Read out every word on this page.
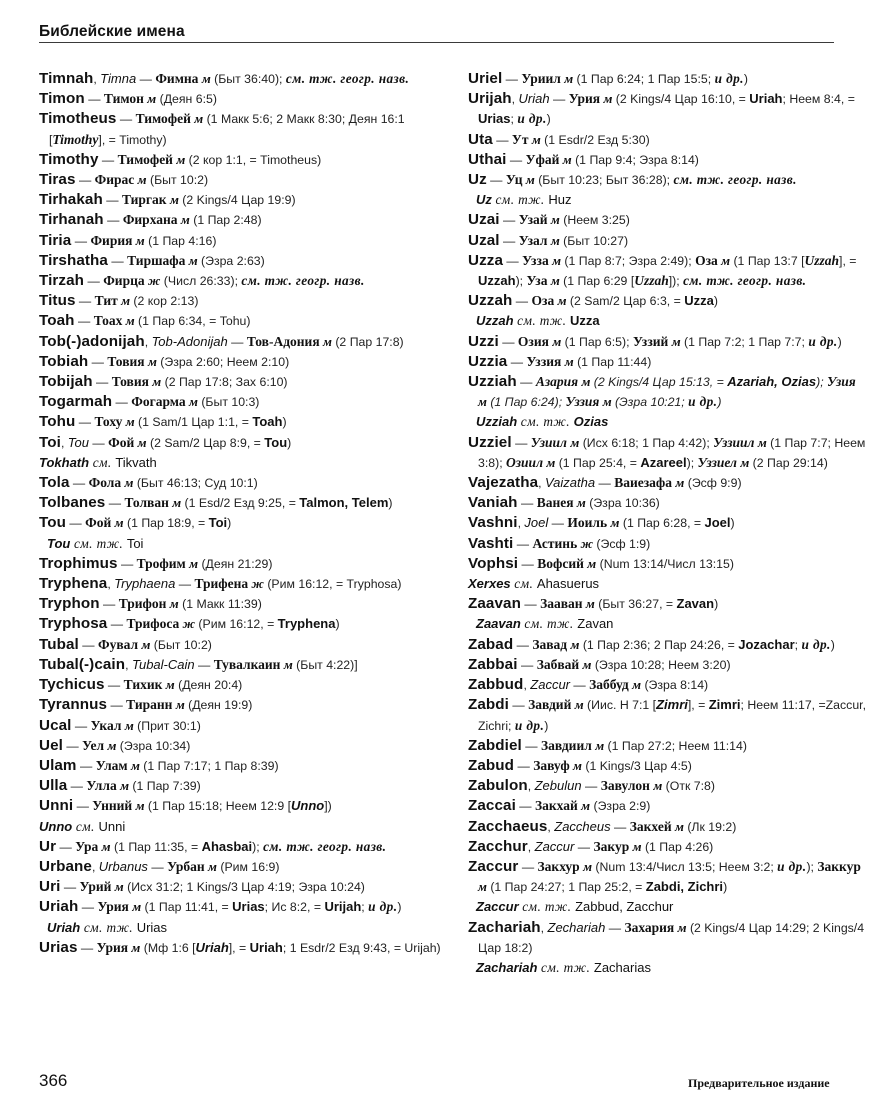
Библейские имена
Timnah, Timna — Фимна м (Быт 36:40); см. тж. геогр. назв.
Timon — Тимон м (Деян 6:5)
Timotheus — Тимофей м (1 Макк 5:6; 2 Макк 8:30; Деян 16:1 [Timothy], = Timothy)
Timothy — Тимофей м (2 кор 1:1, = Timotheus)
Tiras — Фирас м (Быт 10:2)
Tirhakah — Тиргак м (2 Kings/4 Цар 19:9)
Tirhanah — Фирхана м (1 Пар 2:48)
Tiria — Фирия м (1 Пар 4:16)
Tirshatha — Тиршафа м (Эзра 2:63)
Tirzah — Фирца ж (Числ 26:33); см. тж. геогр. назв.
Titus — Тит м (2 кор 2:13)
Toah — Тоах м (1 Пар 6:34, = Tohu)
Tob(-)adonijah, Tob-Adonijah — Тов-Адония м (2 Пар 17:8)
Tobiah — Товия м (Эзра 2:60; Неем 2:10)
Tobijah — Товия м (2 Пар 17:8; Зах 6:10)
Togarmah — Фогарма м (Быт 10:3)
Tohu — Тоху м (1 Sam/1 Цар 1:1, = Toah)
Toi, Tou — Фой м (2 Sam/2 Цар 8:9, = Tou)
Tokhath см. Tikvath
Tola — Фола м (Быт 46:13; Суд 10:1)
Tolbanes — Толван м (1 Esd/2 Езд 9:25, = Talmon, Telem)
Tou — Фой м (1 Пар 18:9, = Toi)
Tou см. тж. Toi
Trophimus — Трофим м (Деян 21:29)
Tryphena, Tryphaena — Трифена ж (Рим 16:12, = Tryphosa)
Tryphon — Трифон м (1 Макк 11:39)
Tryphosa — Трифоса ж (Рим 16:12, = Tryphena)
Tubal — Фувал м (Быт 10:2)
Tubal(-)cain, Tubal-Cain — Тувалкаин м (Быт 4:22)]
Tychicus — Тихик м (Деян 20:4)
Tyrannus — Тиранн м (Деян 19:9)
Ucal — Укал м (Прит 30:1)
Uel — Уел м (Эзра 10:34)
Ulam — Улам м (1 Пар 7:17; 1 Пар 8:39)
Ulla — Улла м (1 Пар 7:39)
Unni — Унний м (1 Пар 15:18; Неем 12:9 [Unno])
Unno см. Unni
Ur — Ура м (1 Пар 11:35, = Ahasbai); см. тж. геогр. назв.
Urbane, Urbanus — Урбан м (Рим 16:9)
Uri — Урий м (Исх 31:2; 1 Kings/3 Цар 4:19; Эзра 10:24)
Uriah — Урия м (1 Пар 11:41, = Urias; Ис 8:2, = Urijah; и др.)
Uriah см. тж. Urias
Urias — Урия м (Мф 1:6 [Uriah], = Uriah; 1 Esdr/2 Езд 9:43, = Urijah)
Uriel — Уриил м (1 Пар 6:24; 1 Пар 15:5; и др.)
Urijah, Uriah — Урия м (2 Kings/4 Цар 16:10, = Uriah; Неем 8:4, = Urias; и др.)
Uta — Ут м (1 Esdr/2 Езд 5:30)
Uthai — Уфай м (1 Пар 9:4; Эзра 8:14)
Uz — Уц м (Быт 10:23; Быт 36:28); см. тж. геогр. назв.
Uz см. тж. Huz
Uzai — Узай м (Неем 3:25)
Uzal — Узал м (Быт 10:27)
Uzza — Узза м (1 Пар 8:7; Эзра 2:49); Оза м (1 Пар 13:7 [Uzzah], = Uzzah); Уза м (1 Пар 6:29 [Uzzah]); см. тж. геогр. назв.
Uzzah — Оза м (2 Sam/2 Цар 6:3, = Uzza)
Uzzah см. тж. Uzza
Uzzi — Озия м (1 Пар 6:5); Уззий м (1 Пар 7:2; 1 Пар 7:7; и др.)
Uzzia — Уззия м (1 Пар 11:44)
Uzziah — Азария м (2 Kings/4 Цар 15:13, = Azariah, Ozias); Узия м (1 Пар 6:24); Уззия м (Эзра 10:21; и др.)
Uzziah см. тж. Ozias
Uzziel — Узиил м (Исх 6:18; 1 Пар 4:42); Уззиил м (1 Пар 7:7; Неем 3:8); Озиил м (1 Пар 25:4, = Azareel); Уззиел м (2 Пар 29:14)
Vajezatha, Vaizatha — Ваиезафа м (Эсф 9:9)
Vaniah — Ванея м (Эзра 10:36)
Vashni, Joel — Иоиль м (1 Пар 6:28, = Joel)
Vashti — Астинь ж (Эсф 1:9)
Vophsi — Вофсий м (Num 13:14/Числ 13:15)
Xerxes см. Ahasuerus
Zaavan — Зааван м (Быт 36:27, = Zavan)
Zaavan см. тж. Zavan
Zabad — Завад м (1 Пар 2:36; 2 Пар 24:26, = Jozachar; и др.)
Zabbai — Забвай м (Эзра 10:28; Неем 3:20)
Zabbud, Zaccur — Заббуд м (Эзра 8:14)
Zabdi — Завдий м (Иис. Н 7:1 [Zimri], = Zimri; Неем 11:17, =Zaccur, Zichri; и др.)
Zabdiel — Завдиил м (1 Пар 27:2; Неем 11:14)
Zabud — Завуф м (1 Kings/3 Цар 4:5)
Zabulon, Zebulun — Завулон м (Отк 7:8)
Zaccai — Закхай м (Эзра 2:9)
Zacchaeus, Zaccheus — Закхей м (Лк 19:2)
Zacchur, Zaccur — Закур м (1 Пар 4:26)
Zaccur — Закхур м (Num 13:4/Числ 13:5; Неем 3:2; и др.); Заккур м (1 Пар 24:27; 1 Пар 25:2, = Zabdi, Zichri)
Zaccur см. тж. Zabbud, Zacchur
Zachariah, Zechariah — Захария м (2 Kings/4 Цар 14:29; 2 Kings/4 Цар 18:2)
Zachariah см. тж. Zacharias
366	Предварительное издание
